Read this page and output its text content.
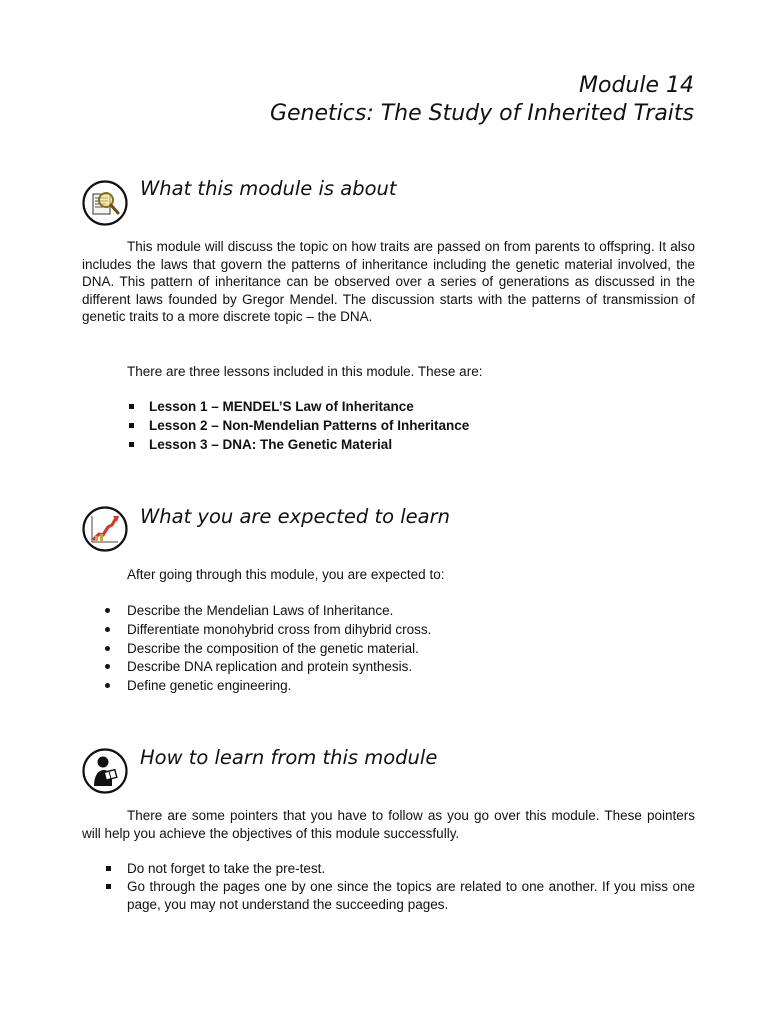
Module 14
Genetics: The Study of Inherited Traits
What this module is about

This module will discuss the topic on how traits are passed on from parents to offspring. It also includes the laws that govern the patterns of inheritance including the genetic material involved, the DNA. This pattern of inheritance can be observed over a series of generations as discussed in the different laws founded by Gregor Mendel. The discussion starts with the patterns of transmission of genetic traits to a more discrete topic – the DNA.

There are three lessons included in this module. These are:
Lesson 1 – MENDEL’S Law of Inheritance
Lesson 2 – Non-Mendelian Patterns of Inheritance
Lesson 3 – DNA: The Genetic Material
What you are expected to learn
After going through this module, you are expected to:
Describe the Mendelian Laws of Inheritance.
Differentiate monohybrid cross from dihybrid cross.
Describe the composition of the genetic material.
Describe DNA replication and protein synthesis.
Define genetic engineering.
How to learn from this module

There are some pointers that you have to follow as you go over this module. These pointers will help you achieve the objectives of this module successfully.

Do not forget to take the pre-test.
Go through the pages one by one since the topics are related to one another. If you miss one page, you may not understand the succeeding pages.
